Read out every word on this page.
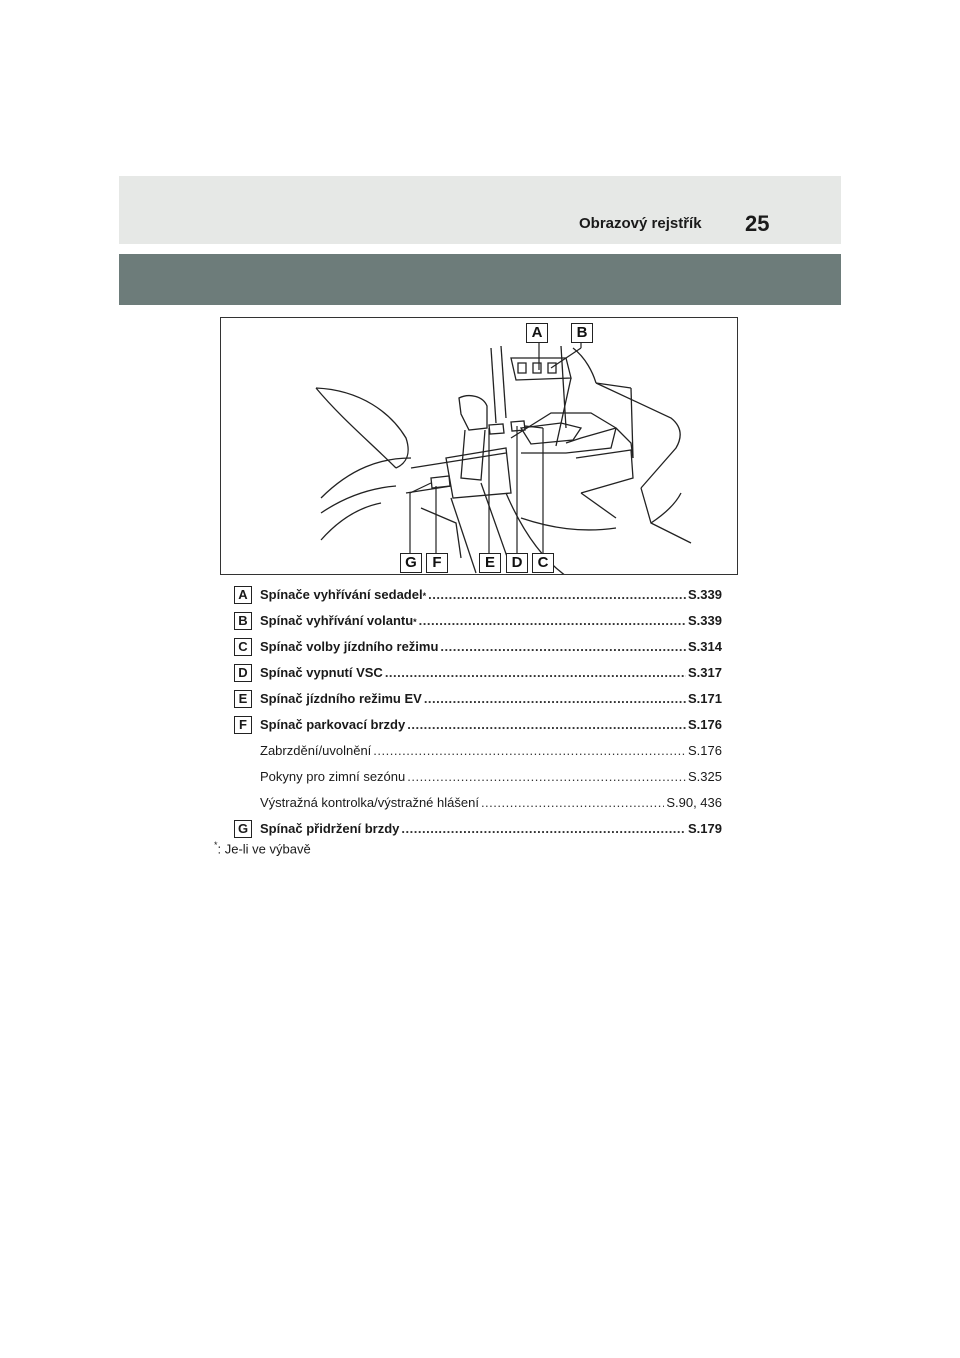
Obrazový rejstřík 25
A	B
G	F	E	D	C
A Spínače vyhřívání sedadel * .....	S.339
B Spínač vyhřívání volantu * .....	S.339
C Spínač volby jízdního režimu .....	S.314
D Spínač vypnutí VSC .....	S.317
E Spínač jízdního režimu EV .....	S.171
F	Spínač parkovací brzdy .....	S.176
Zabrzdění/uvolnění .....	S.176
Pokyny pro zimní sezónu .....	S.325
Výstražná kontrolka/výstražné hlášení .....	S.90, 436
G Spínač přidržení brzdy .....	S.179
*: Je-li ve výbavě
